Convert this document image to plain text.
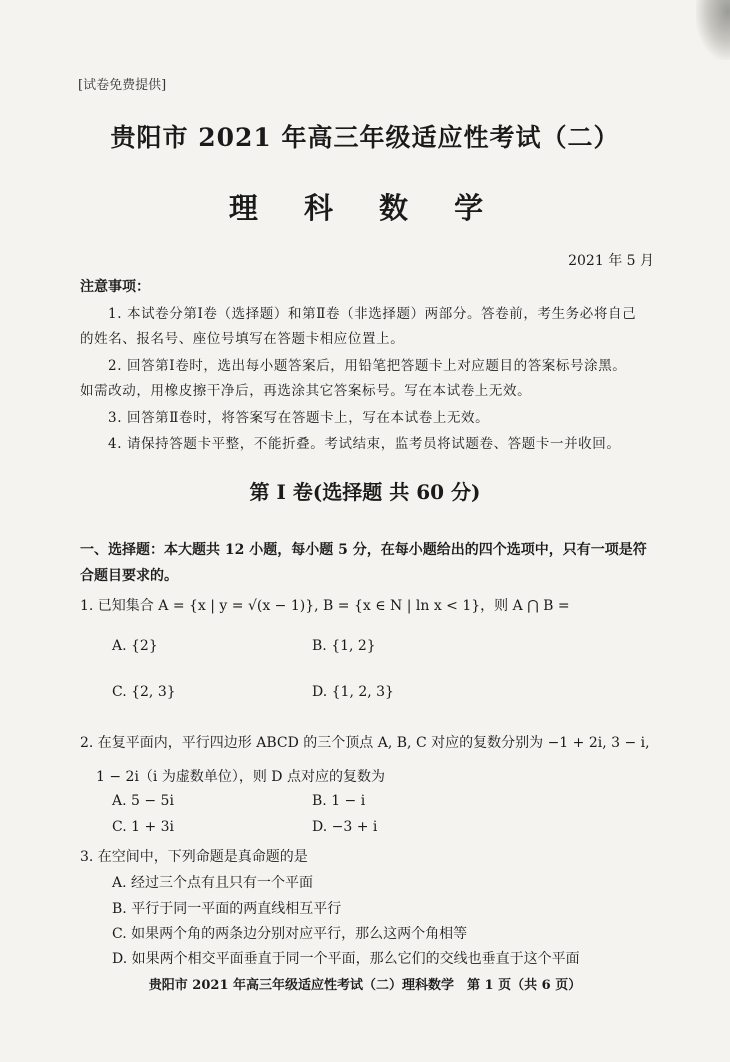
[试卷免费提供]
贵阳市 2021 年高三年级适应性考试（二）
理 科 数 学
2021 年 5 月
注意事项：
1. 本试卷分第Ⅰ卷（选择题）和第Ⅱ卷（非选择题）两部分。答卷前，考生务必将自己
的姓名、报名号、座位号填写在答题卡相应位置上。
2. 回答第Ⅰ卷时，选出每小题答案后，用铅笔把答题卡上对应题目的答案标号涂黑。
如需改动，用橡皮擦干净后，再选涂其它答案标号。写在本试卷上无效。
3. 回答第Ⅱ卷时，将答案写在答题卡上，写在本试卷上无效。
4. 请保持答题卡平整，不能折叠。考试结束，监考员将试题卷、答题卡一并收回。
第 I 卷(选择题 共 60 分)
一、选择题：本大题共 12 小题，每小题 5 分，在每小题给出的四个选项中，只有一项是符合题目要求的。
1. 已知集合 A = {x | y = √(x − 1)}, B = {x ∈ N | ln x < 1}，则 A ⋂ B =
A. {2}	B. {1, 2}
C. {2, 3}	D. {1, 2, 3}
2. 在复平面内，平行四边形 ABCD 的三个顶点 A, B, C 对应的复数分别为 −1 + 2i, 3 − i,
1 − 2i（i 为虚数单位），则 D 点对应的复数为
A. 5 − 5i	B. 1 − i
C. 1 + 3i	D. −3 + i
3. 在空间中，下列命题是真命题的是
A. 经过三个点有且只有一个平面
B. 平行于同一平面的两直线相互平行
C. 如果两个角的两条边分别对应平行，那么这两个角相等
D. 如果两个相交平面垂直于同一个平面，那么它们的交线也垂直于这个平面
贵阳市 2021 年高三年级适应性考试（二）理科数学　第 1 页（共 6 页）
